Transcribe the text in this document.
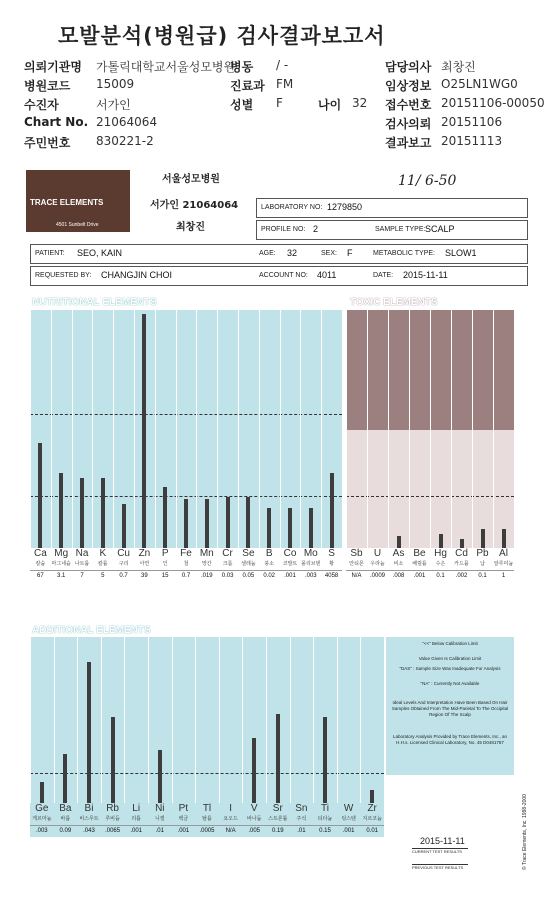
모발분석(병원급) 검사결과보고서
의뢰기관명 가톨릭대학교서울성모병원
병원코드 15009
수진자	서가인
Chart No. 21064064
주민번호 830221-2
병동 / -
진료과 FM
성별 F	나이 32
담당의사 최창진
임상정보 O25LN1WG0
접수번호 20151106-00050
검사의뢰 20151106
결과보고 20151113
TRACE ELEMENTS
4501 Sunbelt Drive
서울성모병원
서가인 21064064
최창진
11/ 6-50
LABORATORY NO: 1279850
PROFILE NO: 2	SAMPLE TYPE: SCALP
PATIENT: SEO, KAIN	AGE: 32	SEX: F	METABOLIC TYPE: SLOW1
REQUESTED BY: CHANGJIN CHOI	ACCOUNT NO: 4011	DATE: 2015-11-11
NUTRITIONAL ELEMENTS
Ca
칼슘
67
Mg
마그네슘
3.1
Na
나트륨
7
K
칼륨
5
Cu
구리
0.7
Zn
아연
39
P
인
15
Fe
철
0.7
Mn
망간
.019
Cr
크롬
0.03
Se
셀레늄
0.05
B
붕소
0.02
Co
코발트
.001
Mo
몰리브덴
.003
S
황
4058
TOXIC ELEMENTS
Sb
안티몬
N/A
U
우라늄
.0009
As
비소
.008
Be
베릴륨
.001
Hg
수은
0.1
Cd
카드뮴
.002
Pb
납
0.1
Al
알루미늄
1
ADDITIONAL ELEMENTS
Ge
게르마늄
.003
Ba
바륨
0.09
Bi
비스무트
.043
Rb
루비듐
.0065
Li
리튬
.001
Ni
니켈
.01
Pt
백금
.001
Tl
탈륨
.0005
I
요오드
N/A
V
바나듐
.005
Sr
스트론튬
0.19
Sn
주석
.01
Ti
티타늄
0.15
W
텅스텐
.001
Zr
지르코늄
0.01
"<<" Below Calibration Limit
Value Given Is Calibration Limit
"DAS" : Sample Size Was Inadequate For Analysis
"NA" : Currently Not Available
Ideal Levels And Interpretation Have Been Based On Hair Samples Obtained From The Mid-Parietal To The Occipital Region Of The Scalp
Laboratory Analysis Provided by Trace Elements, Inc., an H.H.s. Licensed Clinical Laboratory, No. 45 D0481787
2015-11-11
CURRENT TEST RESULTS
PREVIOUS TEST RESULTS	© Trace Elements, Inc. 1998-2000
